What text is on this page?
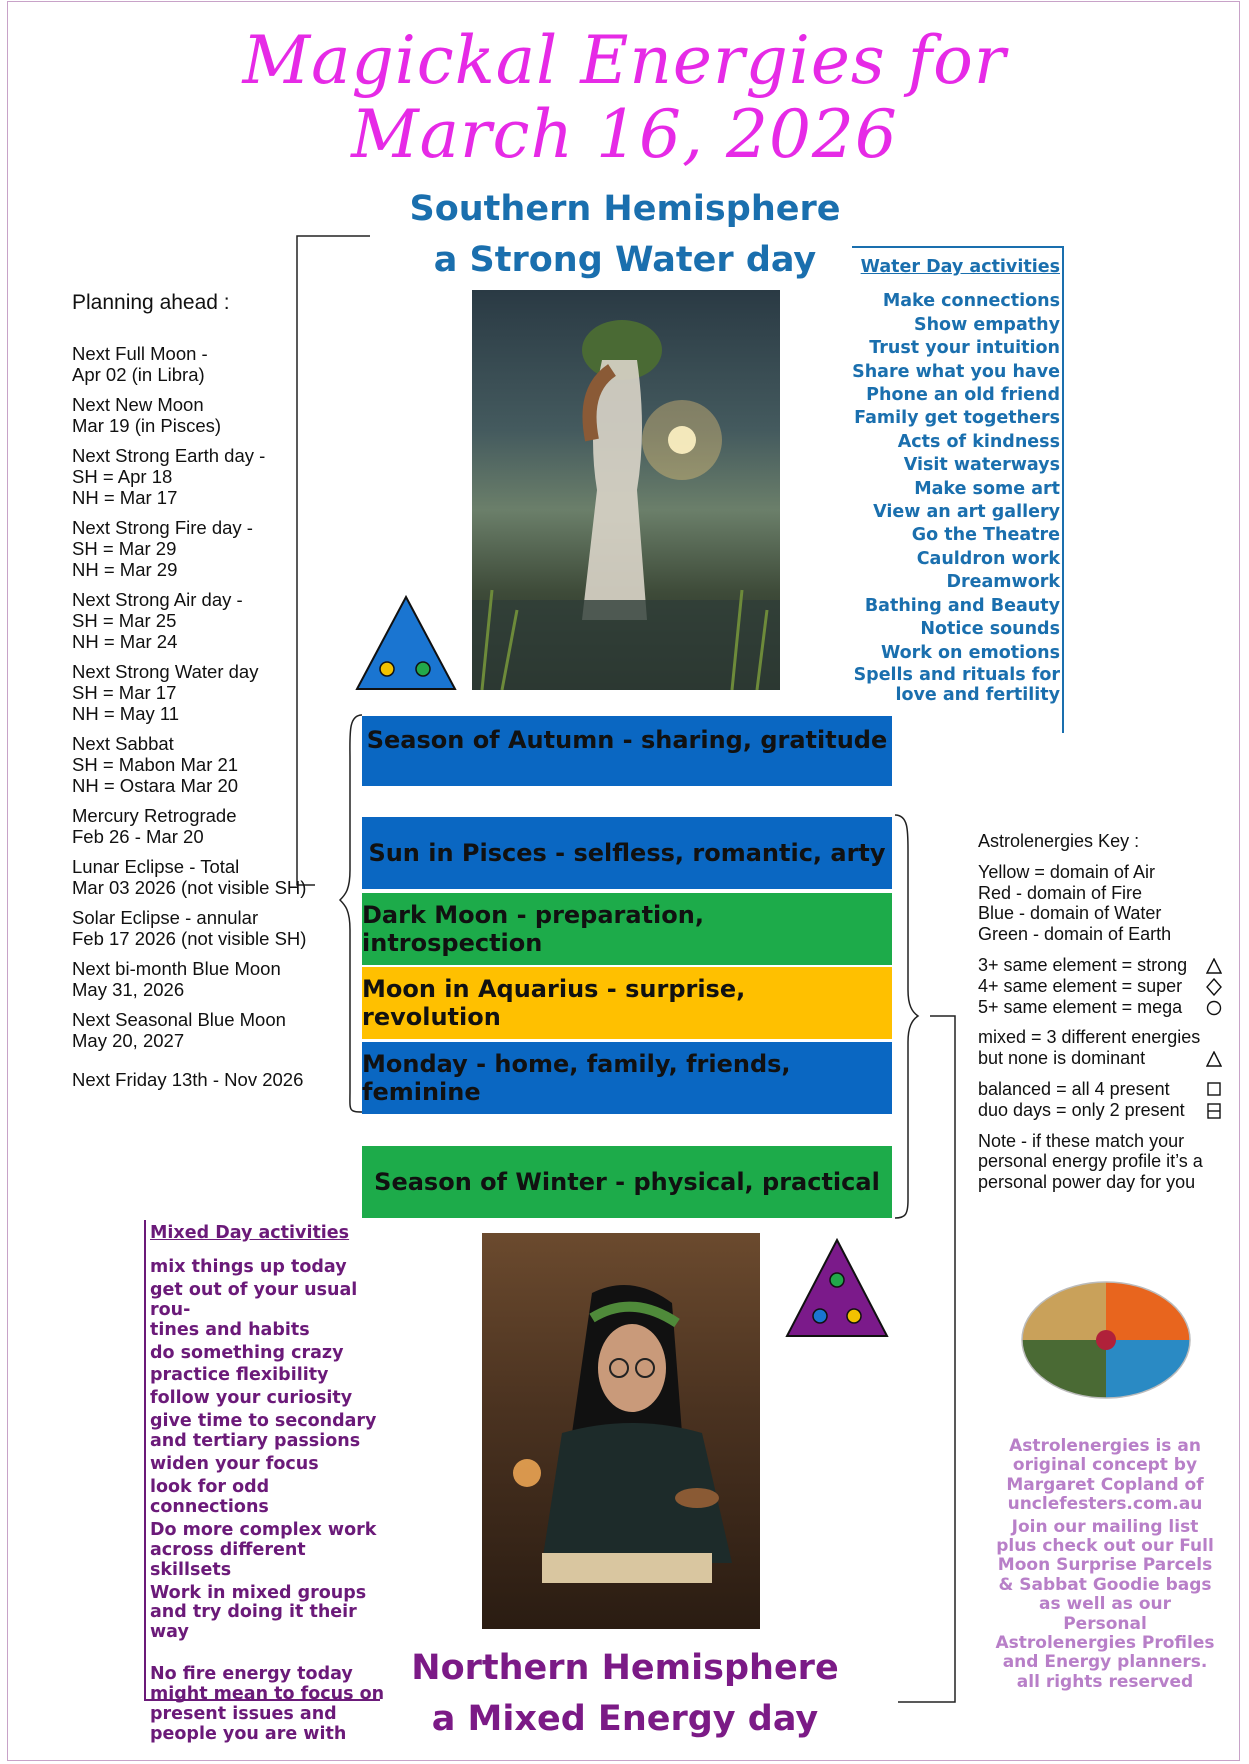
Magickal Energies for
March 16, 2026
Southern Hemisphere
a Strong Water day
Planning ahead :
Next Full Moon -
Apr 02 (in Libra)
Next New Moon
Mar 19 (in Pisces)
Next Strong Earth day -
SH = Apr 18
NH = Mar 17
Next Strong Fire day -
SH = Mar 29
NH = Mar 29
Next Strong Air day -
SH = Mar 25
NH = Mar 24
Next Strong Water day
SH = Mar 17
NH = May 11
Next Sabbat
SH = Mabon Mar 21
NH = Ostara Mar 20
Mercury Retrograde
Feb 26 - Mar 20
Lunar Eclipse - Total
Mar 03 2026 (not visible SH)
Solar Eclipse - annular
Feb 17 2026 (not visible SH)
Next bi-month Blue Moon
May 31, 2026
Next Seasonal Blue Moon
May 20, 2027
Next Friday 13th - Nov 2026
Water Day activities
Make connections
Show empathy
Trust your intuition
Share what you have
Phone an old friend
Family get togethers
Acts of kindness
Visit waterways
Make some art
View an art gallery
Go the Theatre
Cauldron work
Dreamwork
Bathing and Beauty
Notice sounds
Work on emotions
Spells and rituals for
love and fertility
Season of Autumn - sharing, gratitude
Sun in Pisces - selfless, romantic, arty
Dark Moon - preparation, introspection
Moon in Aquarius - surprise, revolution
Monday - home, family, friends, feminine
Season of Winter - physical, practical
Astrolenergies Key :
Yellow = domain of Air
Red - domain of Fire
Blue - domain of Water
Green - domain of Earth
3+ same element = strong
4+ same element = super
5+ same element = mega
mixed = 3 different energies
but none is dominant
balanced = all 4 present
duo days = only 2 present
Note - if these match your
personal energy profile it’s a
personal power day for you
Mixed Day activities
mix things up today
get out of your usual rou-
tines and habits
do something crazy
practice flexibility
follow your curiosity
give time to secondary
and tertiary passions
widen your focus
look for odd connections
Do more complex work
across different skillsets
Work in mixed groups
and try doing it their way
No fire energy today
might mean to focus on
present issues and
people you are with
Astrolenergies is an
original concept by
Margaret Copland of
unclefesters.com.au
Join our mailing list
plus check out our Full
Moon Surprise Parcels
& Sabbat Goodie bags
as well as our Personal
Astrolenergies Profiles
and Energy planners.
all rights reserved
Northern Hemisphere
a Mixed Energy day
